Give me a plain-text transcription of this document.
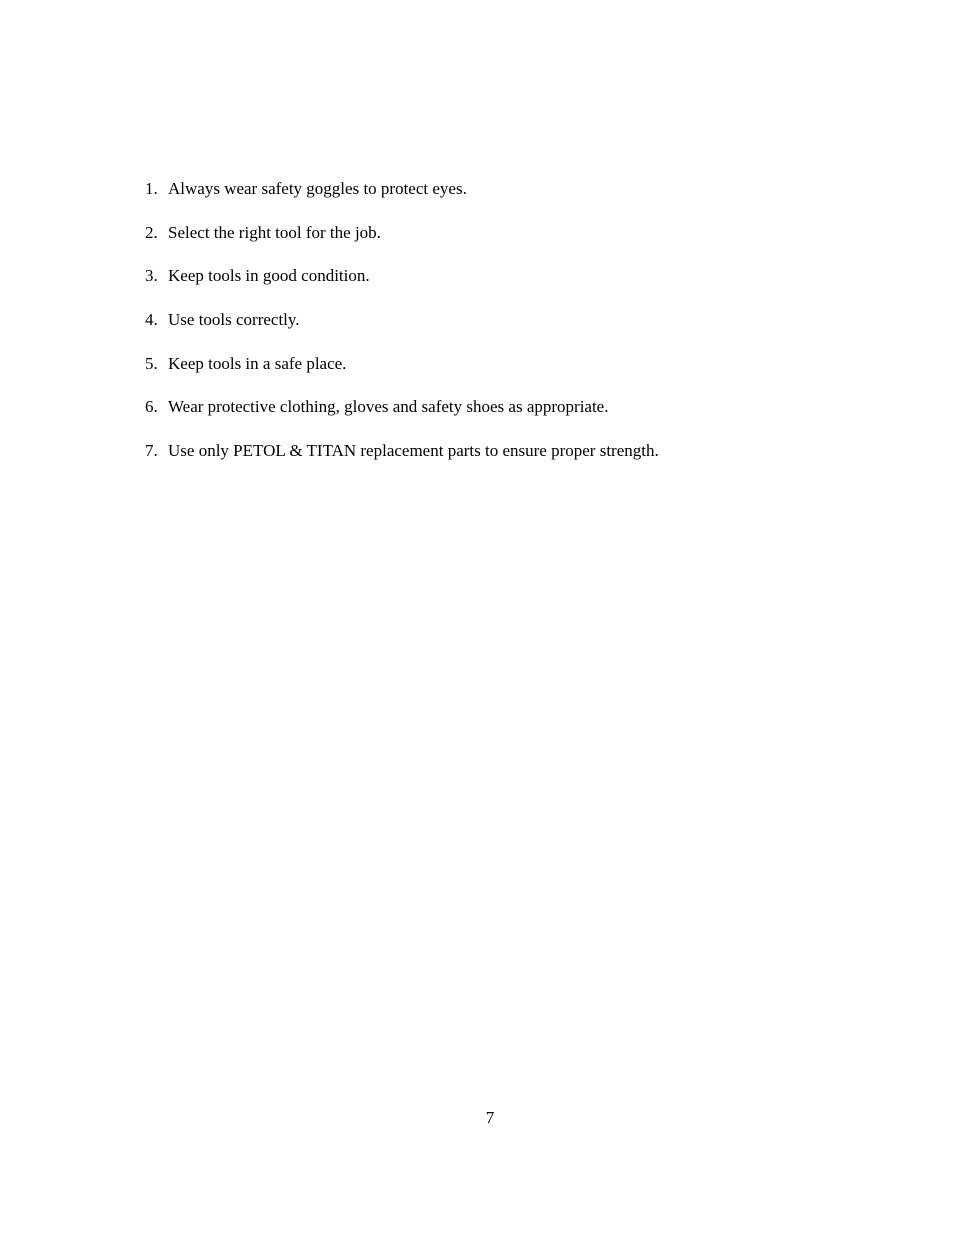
1. Always wear safety goggles to protect eyes.
2. Select the right tool for the job.
3. Keep tools in good condition.
4. Use tools correctly.
5. Keep tools in a safe place.
6. Wear protective clothing, gloves and safety shoes as appropriate.
7. Use only PETOL & TITAN replacement parts to ensure proper strength.
7
